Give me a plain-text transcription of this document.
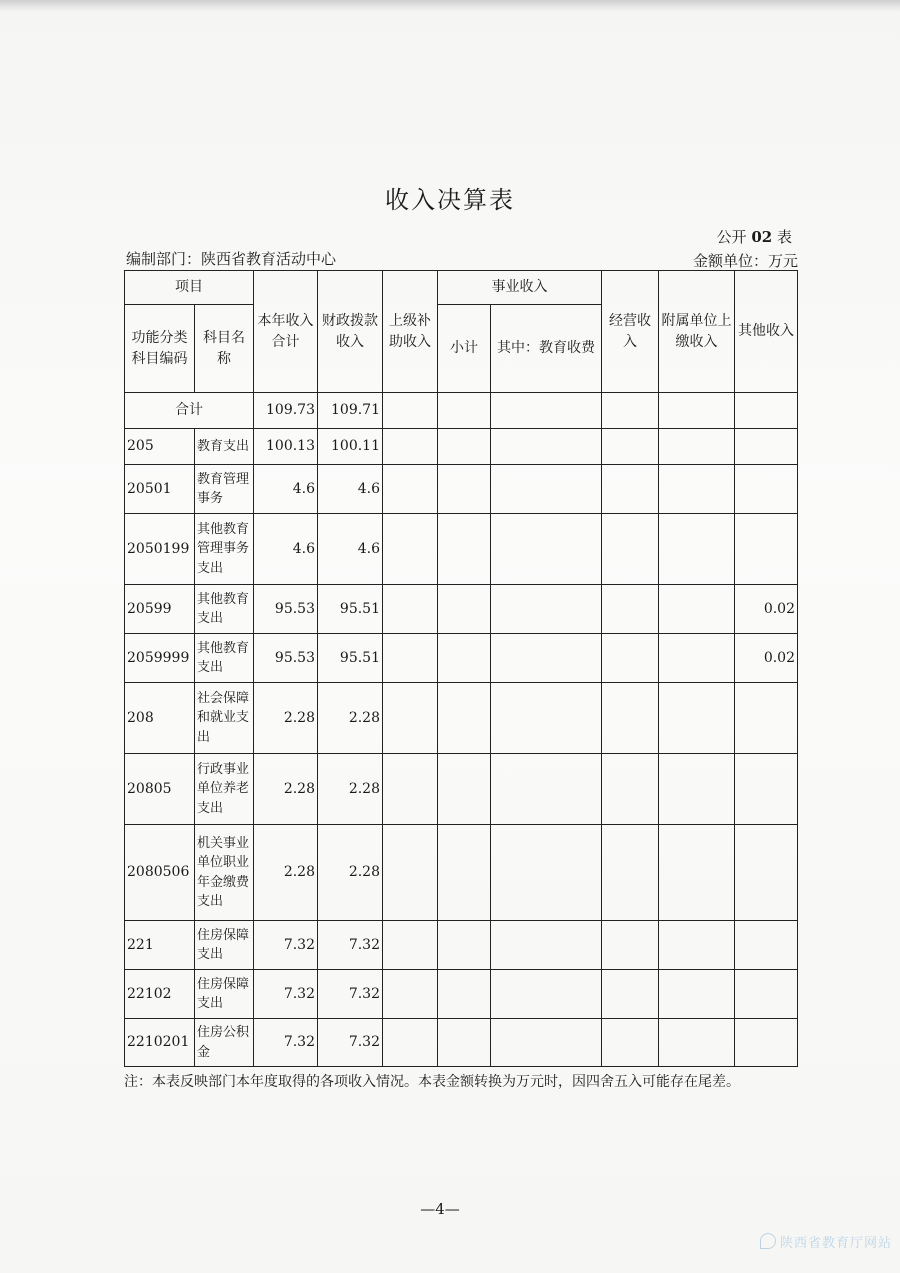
收入决算表
公开 02 表
编制部门：陕西省教育活动中心	金额单位：万元
项目		本年收入合计	财政拨款收入	上级补助收入	事业收入		经营收入	附属单位上缴收入	其他收入
功能分类科目编码	科目名称				小计	其中：教育收费			
合计		109.73	109.71						
205	教育支出	100.13	100.11						
20501	教育管理事务	4.6	4.6						
2050199	其他教育管理事务支出	4.6	4.6						
20599	其他教育支出	95.53	95.51						0.02
2059999	其他教育支出	95.53	95.51						0.02
208	社会保障和就业支出	2.28	2.28						
20805	行政事业单位养老支出	2.28	2.28						
2080506	机关事业单位职业年金缴费支出	2.28	2.28						
221	住房保障支出	7.32	7.32						
22102	住房保障支出	7.32	7.32						
2210201	住房公积金	7.32	7.32						
注：本表反映部门本年度取得的各项收入情况。本表金额转换为万元时，因四舍五入可能存在尾差。
—4—
陕西省教育厅网站
